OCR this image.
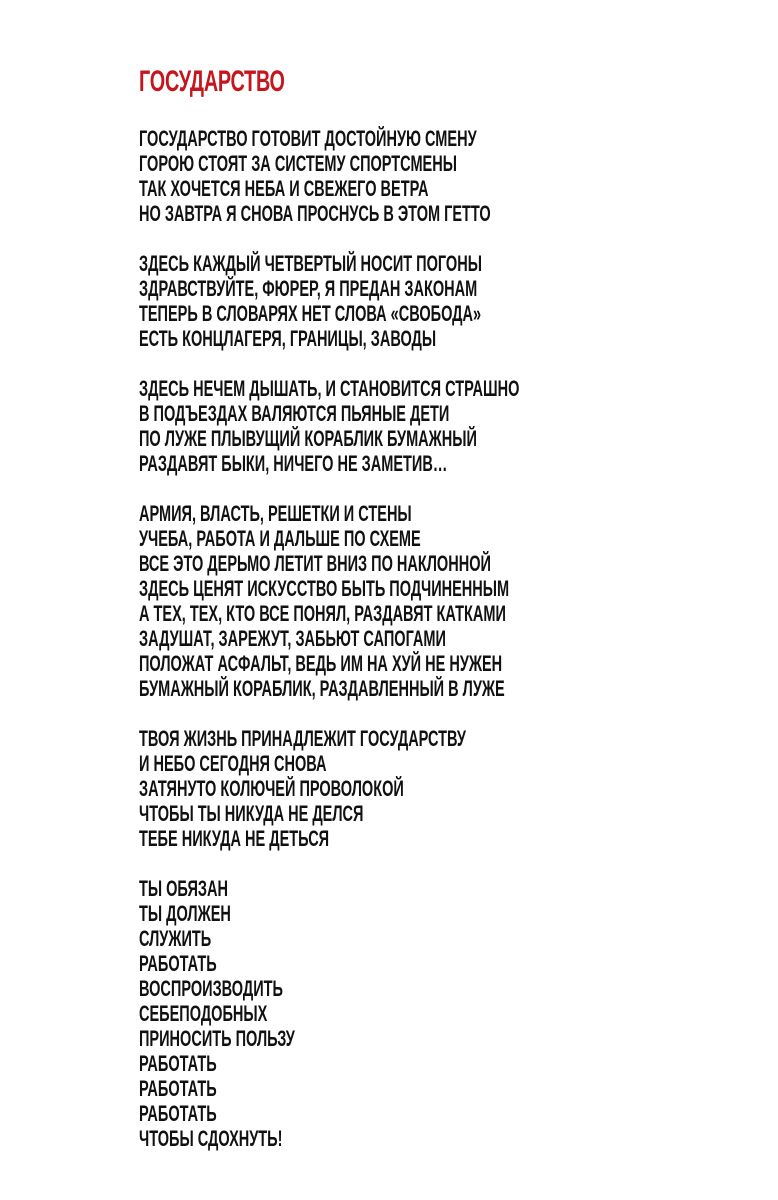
ГОСУДАРСТВО
ГОСУДАРСТВО ГОТОВИТ ДОСТОЙНУЮ СМЕНУ
ГОРОЮ СТОЯТ ЗА СИСТЕМУ СПОРТСМЕНЫ
ТАК ХОЧЕТСЯ НЕБА И СВЕЖЕГО ВЕТРА
НО ЗАВТРА Я СНОВА ПРОСНУСЬ В ЭТОМ ГЕТТО
ЗДЕСЬ КАЖДЫЙ ЧЕТВЕРТЫЙ НОСИТ ПОГОНЫ
ЗДРАВСТВУЙТЕ, ФЮРЕР, Я ПРЕДАН ЗАКОНАМ
ТЕПЕРЬ В СЛОВАРЯХ НЕТ СЛОВА «СВОБОДА»
ЕСТЬ КОНЦЛАГЕРЯ, ГРАНИЦЫ, ЗАВОДЫ
ЗДЕСЬ НЕЧЕМ ДЫШАТЬ, И СТАНОВИТСЯ СТРАШНО
В ПОДЪЕЗДАХ ВАЛЯЮТСЯ ПЬЯНЫЕ ДЕТИ
ПО ЛУЖЕ ПЛЫВУЩИЙ КОРАБЛИК БУМАЖНЫЙ
РАЗДАВЯТ БЫКИ, НИЧЕГО НЕ ЗАМЕТИВ…
АРМИЯ, ВЛАСТЬ, РЕШЕТКИ И СТЕНЫ
УЧЕБА, РАБОТА И ДАЛЬШЕ ПО СХЕМЕ
ВСЕ ЭТО ДЕРЬМО ЛЕТИТ ВНИЗ ПО НАКЛОННОЙ
ЗДЕСЬ ЦЕНЯТ ИСКУССТВО БЫТЬ ПОДЧИНЕННЫМ
А ТЕХ, ТЕХ, КТО ВСЕ ПОНЯЛ, РАЗДАВЯТ КАТКАМИ
ЗАДУШАТ, ЗАРЕЖУТ, ЗАБЬЮТ САПОГАМИ
ПОЛОЖАТ АСФАЛЬТ, ВЕДЬ ИМ НА ХУЙ НЕ НУЖЕН
БУМАЖНЫЙ КОРАБЛИК, РАЗДАВЛЕННЫЙ В ЛУЖЕ
ТВОЯ ЖИЗНЬ ПРИНАДЛЕЖИТ ГОСУДАРСТВУ
И НЕБО СЕГОДНЯ СНОВА
ЗАТЯНУТО КОЛЮЧЕЙ ПРОВОЛОКОЙ
ЧТОБЫ ТЫ НИКУДА НЕ ДЕЛСЯ
ТЕБЕ НИКУДА НЕ ДЕТЬСЯ
ТЫ ОБЯЗАН
ТЫ ДОЛЖЕН
СЛУЖИТЬ
РАБОТАТЬ
ВОСПРОИЗВОДИТЬ
СЕБЕПОДОБНЫХ
ПРИНОСИТЬ ПОЛЬЗУ
РАБОТАТЬ
РАБОТАТЬ
РАБОТАТЬ
ЧТОБЫ СДОХНУТЬ!
